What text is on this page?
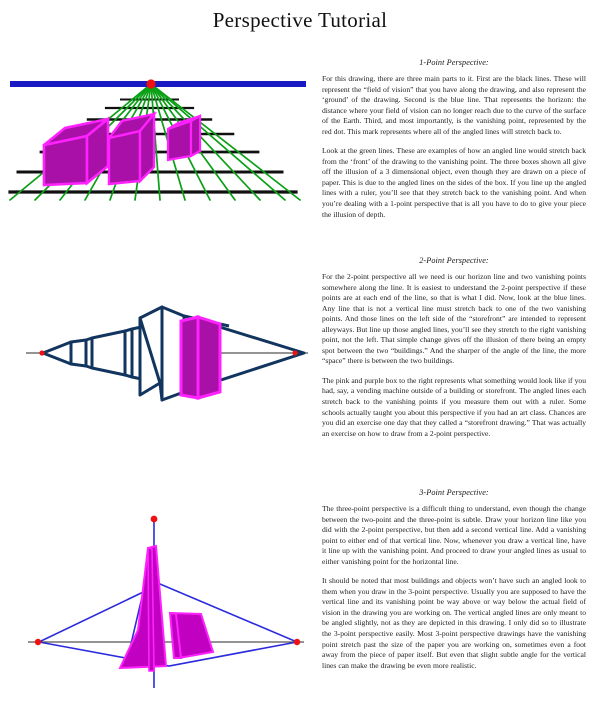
Perspective Tutorial
1-Point Perspective:

For this drawing, there are three main parts to it. First are the black lines. These will represent the “field of vision” that you have along the drawing, and also represent the ‘ground’ of the drawing. Second is the blue line. That represents the horizon: the distance where your field of vision can no longer reach due to the curve of the surface of the Earth. Third, and most importantly, is the vanishing point, represented by the red dot. This mark represents where all of the angled lines will stretch back to.

Look at the green lines. These are examples of how an angled line would stretch back from the ‘front’ of the drawing to the vanishing point. The three boxes shown all give off the illusion of a 3 dimensional object, even though they are drawn on a piece of paper. This is due to the angled lines on the sides of the box. If you line up the angled lines with a ruler, you’ll see that they stretch back to the vanishing point. And when you’re dealing with a 1-point perspective that is all you have to do to give your piece the illusion of depth.

2-Point Perspective:

For the 2-point perspective all we need is our horizon line and two vanishing points somewhere along the line. It is easiest to understand the 2-point perspective if these points are at each end of the line, so that is what I did. Now, look at the blue lines. Any line that is not a vertical line must stretch back to one of the two vanishing points. And those lines on the left side of the “storefront” are intended to represent alleyways. But line up those angled lines, you’ll see they stretch to the right vanishing point, not the left. That simple change gives off the illusion of there being an empty spot between the two “buildings.” And the sharper of the angle of the line, the more “space” there is between the two buildings.

The pink and purple box to the right represents what something would look like if you had, say, a vending machine outside of a building or storefront. The angled lines each stretch back to the vanishing points if you measure them out with a ruler. Some schools actually taught you about this perspective if you had an art class. Chances are you did an exercise one day that they called a “storefront drawing.” That was actually an exercise on how to draw from a 2-point perspective.

3-Point Perspective:

The three-point perspective is a difficult thing to understand, even though the change between the two-point and the three-point is subtle. Draw your horizon line like you did with the 2-point perspective, but then add a second vertical line. Add a vanishing point to either end of that vertical line. Now, whenever you draw a vertical line, have it line up with the vanishing point. And proceed to draw your angled lines as usual to either vanishing point for the horizontal line.

It should be noted that most buildings and objects won’t have such an angled look to them when you draw in the 3-point perspective. Usually you are supposed to have the vertical line and its vanishing point be way above or way below the actual field of vision in the drawing you are working on. The vertical angled lines are only meant to be angled slightly, not as they are depicted in this drawing. I only did so to illustrate the 3-point perspective easily. Most 3-point perspective drawings have the vanishing point stretch past the size of the paper you are working on, sometimes even a foot away from the piece of paper itself. But even that slight subtle angle for the vertical lines can make the drawing be even more realistic.
